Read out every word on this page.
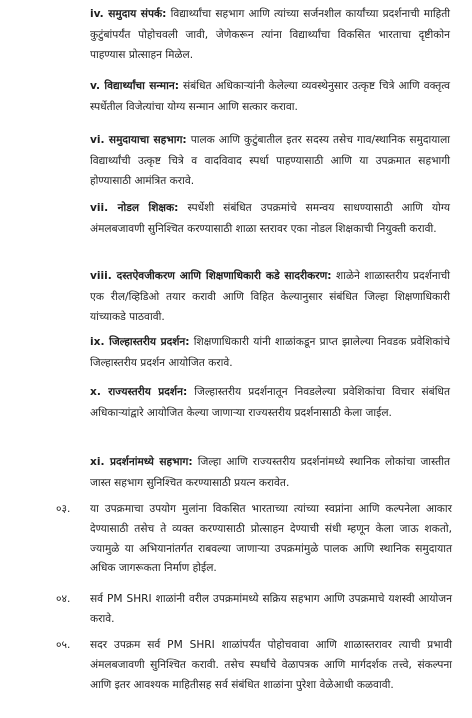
iv. समुदाय संपर्क: विद्यार्थ्यांचा सहभाग आणि त्यांच्या सर्जनशील कार्यांच्या प्रदर्शनाची माहिती कुटुंबांपर्यंत पोहोचवली जावी, जेणेकरून त्यांना विद्यार्थ्यांचा विकसित भारताचा दृष्टीकोन पाहण्यास प्रोत्साहन मिळेल.
v. विद्यार्थ्यांचा सन्मान: संबंधित अधिकाऱ्यांनी केलेल्या व्यवस्थेनुसार उत्कृष्ट चित्रे आणि वक्तृत्व स्पर्धेतील विजेत्यांचा योग्य सन्मान आणि सत्कार करावा.
vi. समुदायाचा सहभाग: पालक आणि कुटुंबातील इतर सदस्य तसेच गाव/स्थानिक समुदायाला विद्यार्थ्यांची उत्कृष्ट चित्रे व वादविवाद स्पर्धा पाहण्यासाठी आणि या उपक्रमात सहभागी होण्यासाठी आमंत्रित करावे.
vii. नोडल शिक्षक: स्पर्धेशी संबंधित उपक्रमांचे समन्वय साधण्यासाठी आणि योग्य अंमलबजावणी सुनिश्चित करण्यासाठी शाळा स्तरावर एका नोडल शिक्षकाची नियुक्ती करावी.
viii. दस्तऐवजीकरण आणि शिक्षणाधिकारी कडे सादरीकरण: शाळेने शाळास्तरीय प्रदर्शनाची एक रील/व्हिडिओ तयार करावी आणि विहित केल्यानुसार संबंधित जिल्हा शिक्षणाधिकारी यांच्याकडे पाठवावी.
ix. जिल्हास्तरीय प्रदर्शन: शिक्षणाधिकारी यांनी शाळांकडून प्राप्त झालेल्या निवडक प्रवेशिकांचे जिल्हास्तरीय प्रदर्शन आयोजित करावे.
x. राज्यस्तरीय प्रदर्शन: जिल्हास्तरीय प्रदर्शनातून निवडलेल्या प्रवेशिकांचा विचार संबंधित अधिकाऱ्यांद्वारे आयोजित केल्या जाणाऱ्या राज्यस्तरीय प्रदर्शनासाठी केला जाईल.
xi. प्रदर्शनांमध्ये सहभाग: जिल्हा आणि राज्यस्तरीय प्रदर्शनांमध्ये स्थानिक लोकांचा जास्तीत जास्त सहभाग सुनिश्चित करण्यासाठी प्रयत्न करावेत.
०३. या उपक्रमाचा उपयोग मुलांना विकसित भारताच्या त्यांच्या स्वप्नांना आणि कल्पनेला आकार देण्यासाठी तसेच ते व्यक्त करण्यासाठी प्रोत्साहन देण्याची संधी म्हणून केला जाऊ शकतो, ज्यामुळे या अभियानांतर्गत राबवल्या जाणाऱ्या उपक्रमांमुळे पालक आणि स्थानिक समुदायात अधिक जागरूकता निर्माण होईल.
०४. सर्व PM SHRI शाळांनी वरील उपक्रमांमध्ये सक्रिय सहभाग आणि उपक्रमाचे यशस्वी आयोजन करावे.
०५. सदर उपक्रम सर्व PM SHRI शाळांपर्यंत पोहोचवावा आणि शाळास्तरावर त्याची प्रभावी अंमलबजावणी सुनिश्चित करावी. तसेच स्पर्धांचे वेळापत्रक आणि मार्गदर्शक तत्त्वे, संकल्पना आणि इतर आवश्यक माहितीसह सर्व संबंधित शाळांना पुरेशा वेळेआधी कळवावी.
